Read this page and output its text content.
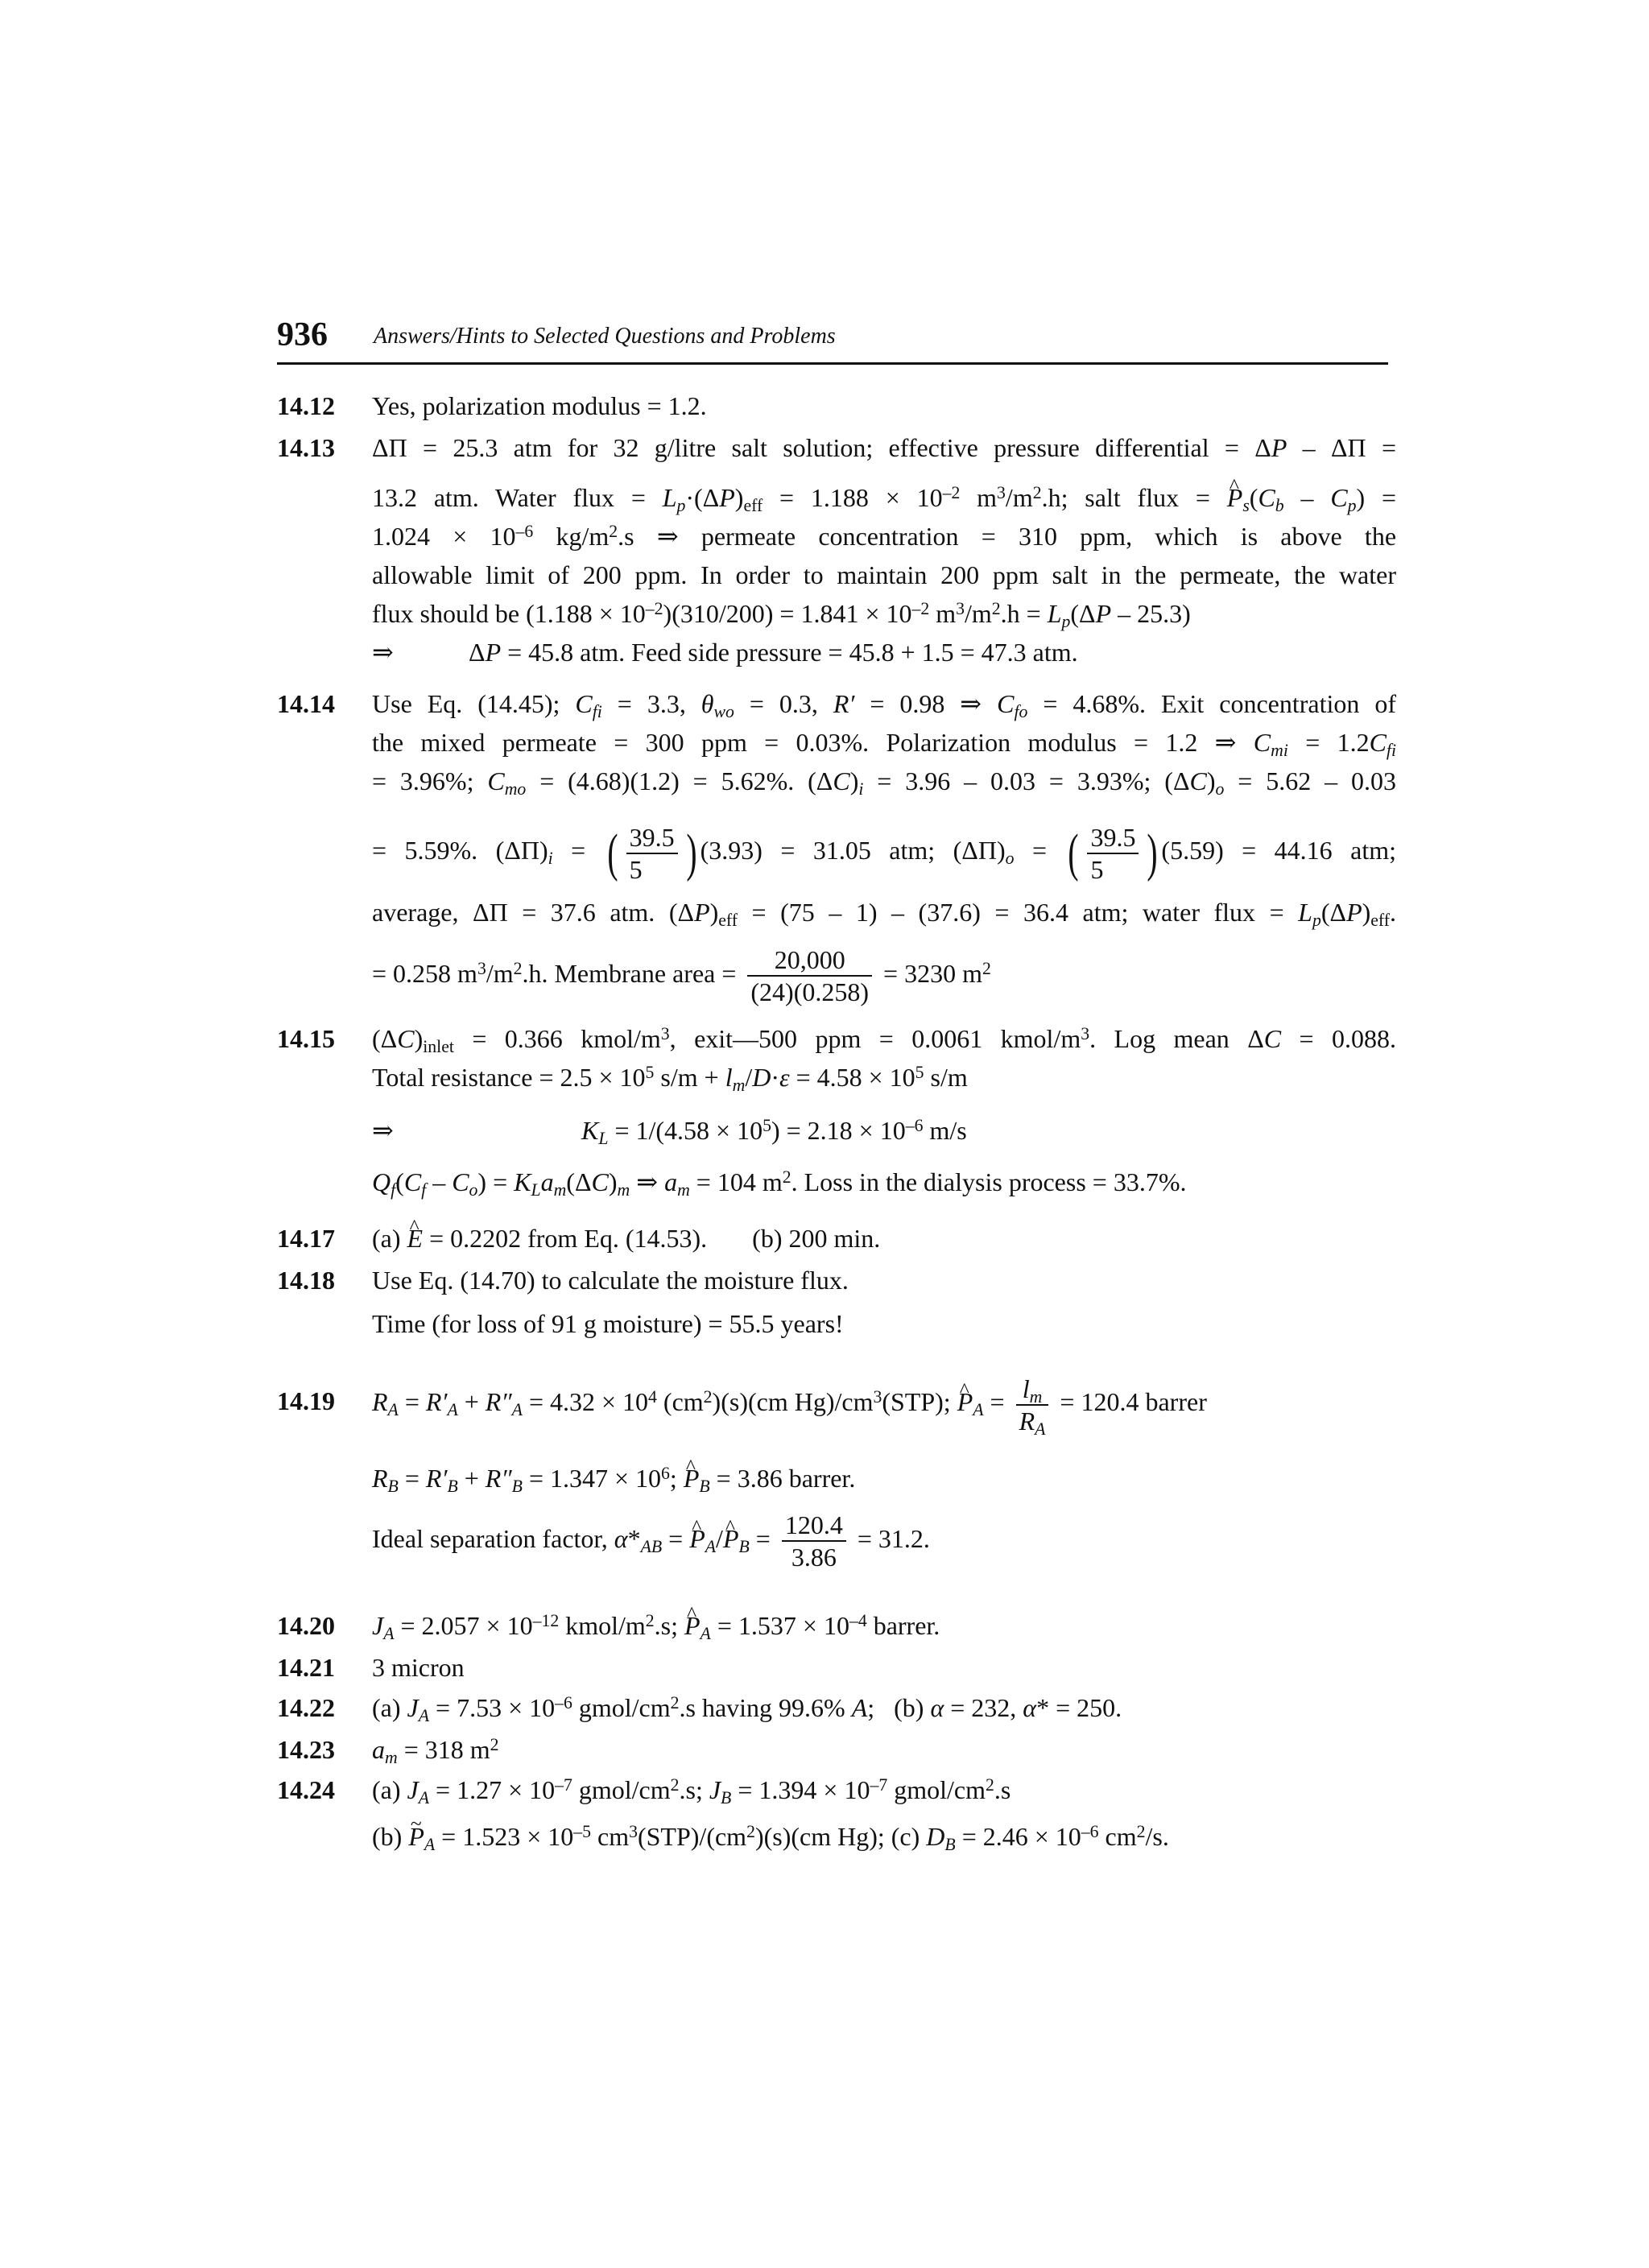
936 Answers/Hints to Selected Questions and Problems
14.12 Yes, polarization modulus = 1.2.
14.13 ΔΠ = 25.3 atm for 32 g/litre salt solution; effective pressure differential = ΔP – ΔΠ =
13.2 atm. Water flux = $L_p\cdot(\Delta P)_{eff} = 1.188 \times 10^{-2}$ $m^3/m^2.h$; salt flux = ^ $P_s(C_b - C_p)$ =
$1.024 \times 10^{-6}$ $kg/m^2.s$ ⇒ permeate concentration = 310 ppm, which is above the
allowable limit of 200 ppm. In order to maintain 200 ppm salt in the permeate, the water
flux should be $(1.188 \times 10^{-2})(310/200) = 1.841 \times 10^{-2}$ $m^3/m^2.h = L_p(\Delta P - 25.3)$
⇒	ΔP = 45.8 atm. Feed side pressure = 45.8 + 1.5 = 47.3 atm.
14.14 Use Eq. (14.45); $C_{fi} = 3.3$, $\theta_{wo} = 0.3$, R′ = 0.98 ⇒ $C_{fo} = 4.68\%$. Exit concentration of
the mixed permeate = 300 ppm = 0.03%. Polarization modulus = 1.2 ⇒ $C_{mi} = 1.2C_{fi}$
= 3.96%; $C_{mo} = (4.68)(1.2) = 5.62\%$. $(\Delta C)_i = 3.96 - 0.03 = 3.93\%$; $(\Delta C)_o = 5.62 - 0.03$
= 5.59%. $(\Delta\Pi)_i$ = ( $\frac{39.5}{5}$ ) (3.93) = 31.05 atm; $(\Delta\Pi)_o$ = ( $\frac{39.5}{5}$ ) (5.59) = 44.16 atm;
average, ΔΠ = 37.6 atm. $(\Delta P)_{eff} = (75 - 1) - (37.6) = 36.4$ atm; water flux = $L_p(\Delta P)_{eff}$.
= 0.258 $m^3/m^2.h$. Membrane area = $\frac{20,000}{(24)(0.258)} = 3230$ $m^2$
14.15 $(\Delta C)_{inlet} = 0.366$ kmol/$m^3$, exit—500 ppm = 0.0061 kmol/$m^3$. Log mean ΔC = 0.088.
Total resistance = $2.5 \times 10^5$ $s/m + l_m/D\cdot\varepsilon = 4.58 \times 10^5$ s/m
⇒	$K_L = 1/(4.58 \times 10^5) = 2.18 \times 10^{-6}$ m/s
$Q_f(C_f - C_o) = K_La_m(\Delta C)_m$ ⇒ $a_m = 104$ $m^2$. Loss in the dialysis process = 33.7%.
14.17 (a) ^ E = 0.2202 from Eq. (14.53).       (b) 200 min.
14.18 Use Eq. (14.70) to calculate the moisture flux.
Time (for loss of 91 g moisture) = 55.5 years!
14.19 $R_A = R'_A + R''_A = 4.32 \times 10^4$ $(cm^2)(s)(cm$ $Hg)/cm^3(STP)$; ^ $P_A = \frac{l_m}{R_A} = 120.4$ barrer
$R_B = R'_B + R''_B = 1.347 \times 10^6$; ^ $P_B = 3.86$ barrer.
Ideal separation factor, $\alpha*_{AB}$ = ^ $P_A/\^{}$ $P_B = \frac{120.4}{3.86} = 31.2$.
14.20 $J_A = 2.057 \times 10^{-12}$ kmol/$m^2.s$; ^ $P_A = 1.537 \times 10^{-4}$ barrer.
14.21 3 micron
14.22 (a) $J_A = 7.53 \times 10^{-6}$ gmol/$cm^2.s$ having 99.6% A;   (b) α = 232, α* = 250.
14.23 $a_m = 318$ $m^2$
14.24 (a) $J_A = 1.27 \times 10^{-7}$ gmol/$cm^2.s$; $J_B = 1.394 \times 10^{-7}$ gmol/$cm^2.s$
(b) ~ $P_A = 1.523 \times 10^{-5}$ $cm^3(STP)/(cm^2)(s)(cm$ Hg); (c) $D_B = 2.46 \times 10^{-6}$ $cm^2/s$.
